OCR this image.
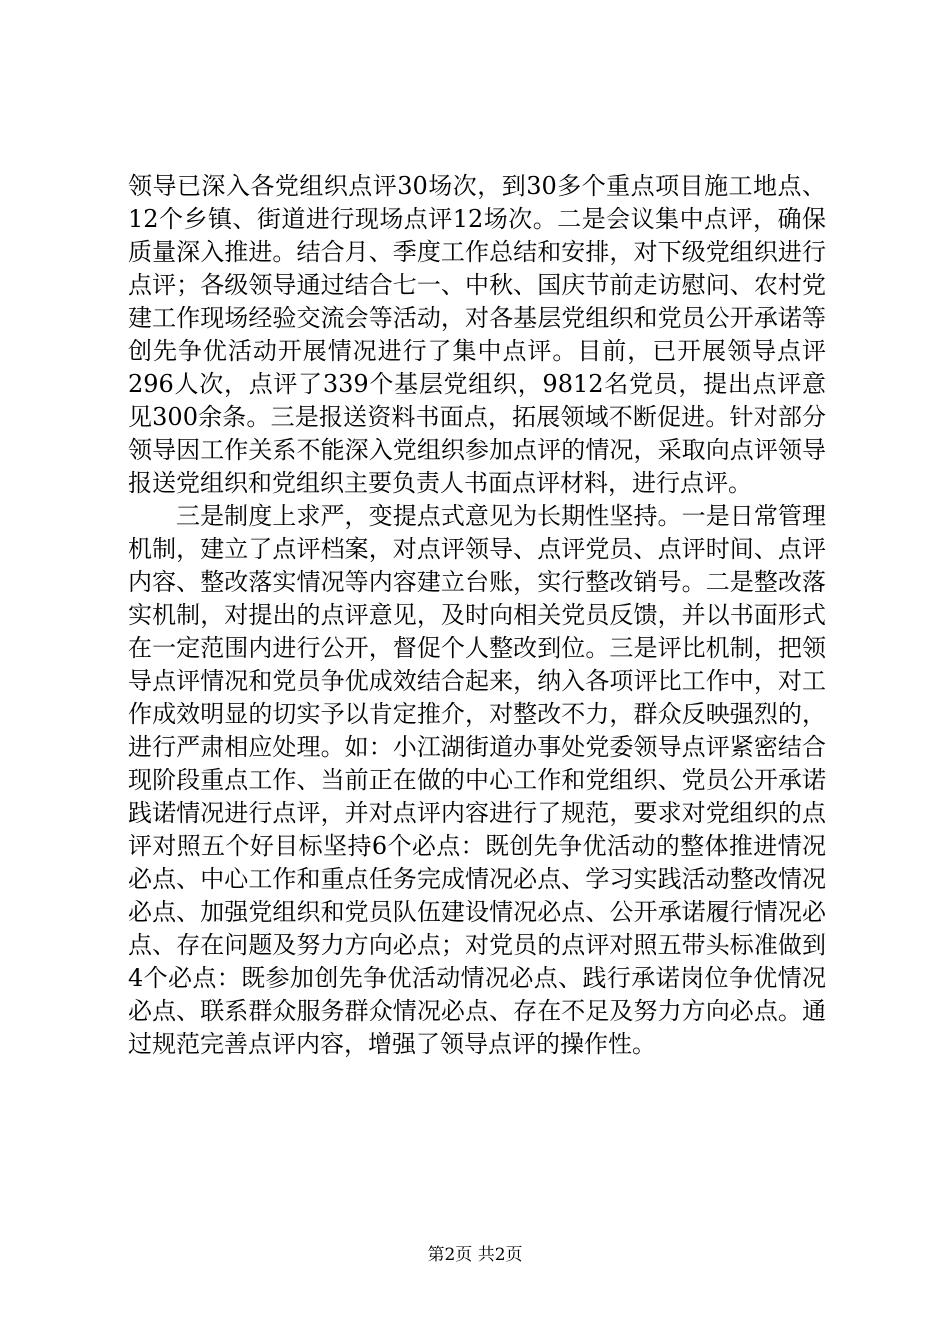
领导已深入各党组织点评30场次，到30多个重点项目施工地点、12个乡镇、街道进行现场点评12场次。二是会议集中点评，确保质量深入推进。结合月、季度工作总结和安排，对下级党组织进行点评；各级领导通过结合七一、中秋、国庆节前走访慰问、农村党建工作现场经验交流会等活动，对各基层党组织和党员公开承诺等创先争优活动开展情况进行了集中点评。目前，已开展领导点评296人次，点评了339个基层党组织，9812名党员，提出点评意见300余条。三是报送资料书面点，拓展领域不断促进。针对部分领导因工作关系不能深入党组织参加点评的情况，采取向点评领导报送党组织和党组织主要负责人书面点评材料，进行点评。

三是制度上求严，变提点式意见为长期性坚持。一是日常管理机制，建立了点评档案，对点评领导、点评党员、点评时间、点评内容、整改落实情况等内容建立台账，实行整改销号。二是整改落实机制，对提出的点评意见，及时向相关党员反馈，并以书面形式在一定范围内进行公开，督促个人整改到位。三是评比机制，把领导点评情况和党员争优成效结合起来，纳入各项评比工作中，对工作成效明显的切实予以肯定推介，对整改不力，群众反映强烈的，进行严肃相应处理。如：小江湖街道办事处党委领导点评紧密结合现阶段重点工作、当前正在做的中心工作和党组织、党员公开承诺践诺情况进行点评，并对点评内容进行了规范，要求对党组织的点评对照五个好目标坚持6个必点：既创先争优活动的整体推进情况必点、中心工作和重点任务完成情况必点、学习实践活动整改情况必点、加强党组织和党员队伍建设情况必点、公开承诺履行情况必点、存在问题及努力方向必点；对党员的点评对照五带头标准做到4个必点：既参加创先争优活动情况必点、践行承诺岗位争优情况必点、联系群众服务群众情况必点、存在不足及努力方向必点。通过规范完善点评内容，增强了领导点评的操作性。

第2页 共2页
